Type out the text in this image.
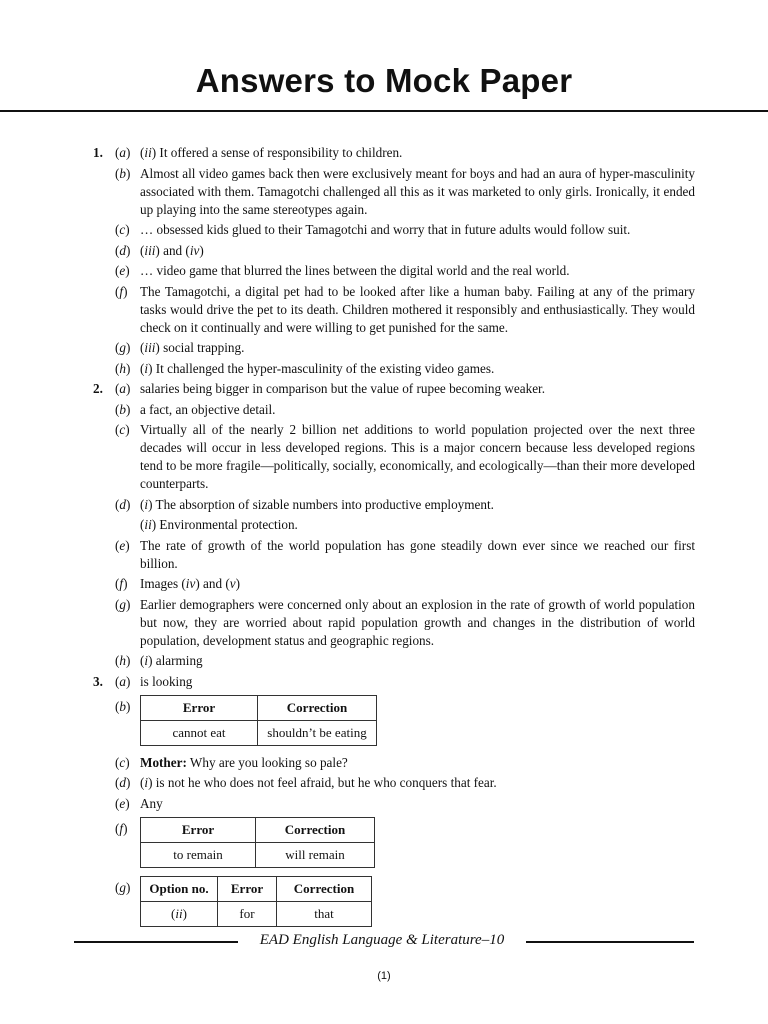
Answers to Mock Paper
1. (a) (ii) It offered a sense of responsibility to children.
(b) Almost all video games back then were exclusively meant for boys and had an aura of hyper-masculinity associated with them. Tamagotchi challenged all this as it was marketed to only girls. Ironically, it ended up playing into the same stereotypes again.
(c) … obsessed kids glued to their Tamagotchi and worry that in future adults would follow suit.
(d) (iii) and (iv)
(e) … video game that blurred the lines between the digital world and the real world.
(f) The Tamagotchi, a digital pet had to be looked after like a human baby. Failing at any of the primary tasks would drive the pet to its death. Children mothered it responsibly and enthusiastically. They would check on it continually and were willing to get punished for the same.
(g) (iii) social trapping.
(h) (i) It challenged the hyper-masculinity of the existing video games.
2. (a) salaries being bigger in comparison but the value of rupee becoming weaker.
(b) a fact, an objective detail.
(c) Virtually all of the nearly 2 billion net additions to world population projected over the next three decades will occur in less developed regions. This is a major concern because less developed regions tend to be more fragile—politically, socially, economically, and ecologically—than their more developed counterparts.
(d) (i) The absorption of sizable numbers into productive employment.
(ii) Environmental protection.
(e) The rate of growth of the world population has gone steadily down ever since we reached our first billion.
(f) Images (iv) and (v)
(g) Earlier demographers were concerned only about an explosion in the rate of growth of world population but now, they are worried about rapid population growth and changes in the distribution of world population, development status and geographic regions.
(h) (i) alarming
3. (a) is looking
(b)	Error	Correction
cannot eat	shouldn’t be eating
(c) Mother: Why are you looking so pale?
(d) (i) is not he who does not feel afraid, but he who conquers that fear.
(e) Any
(f)	Error	Correction
to remain	will remain
(g) Option no.	Error	Correction
(ii)	for	that
EAD English Language & Literature–10
(1)
